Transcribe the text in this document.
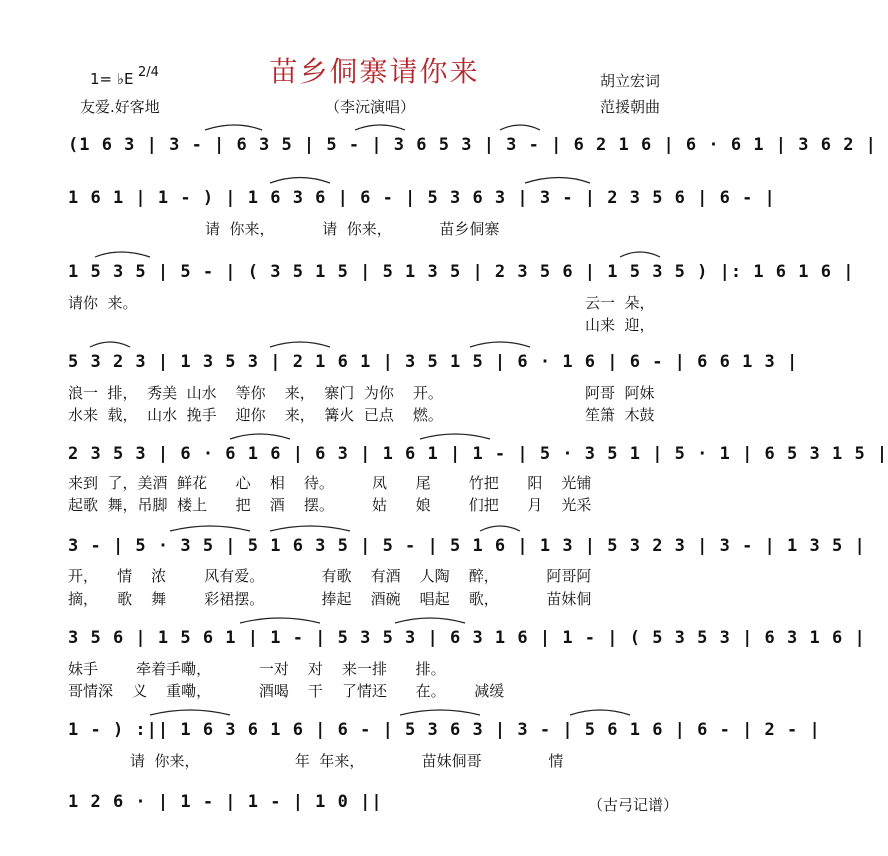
1= ♭E 2/4	苗乡侗寨请你来	胡立宏词
友爱.好客地	（李沅演唱）	范援朝曲
(1 6 3 | 3 - | 6 3 5 | 5 - | 3 6 5 3 | 3 - | 6 2 1 6 | 6 · 6 1 | 3 6 2 |
1 6 1 | 1 - ) | 1 6 3 6 | 6 - | 5 3 6 3 | 3 - | 2 3 5 6 | 6 - |
请  你来，          请  你来，          苗乡侗寨
1 5 3 5 | 5 - | ( 3 5 1 5 | 5 1 3 5 | 2 3 5 6 | 1 5 3 5 ) |: 1 6 1 6 |
请你  来。	云一  朵，
山来  迎，
5 3 2 3 | 1 3 5 3 | 2 1 6 1 | 3 5 1 5 | 6 · 1 6 | 6 - | 6 6 1 3 |
浪一  排，  秀美  山水    等你    来，  寨门  为你    开。	阿哥  阿妹
水来  载，  山水  挽手    迎你    来，  篝火  已点    燃。	笙箫  木鼓
2 3 5 3 | 6 · 6 1 6 | 6 3 | 1 6 1 | 1 - | 5 · 3 5 1 | 5 · 1 | 6 5 3 1 5 |
来到  了，美酒  鲜花      心    相    待。        凤      尾        竹把      阳    光铺
起歌  舞，吊脚  楼上      把    酒    摆。        姑      娘        们把      月    光采
3 - | 5 · 3 5 | 5 1 6 3 5 | 5 - | 5 1 6 | 1 3 | 5 3 2 3 | 3 - | 1 3 5 |
开，    情    浓        风有爱。            有歌    有酒    人陶    醉，          阿哥阿
摘，    歌    舞        彩裙摆。            捧起    酒碗    唱起    歌，          苗妹侗
3 5 6 | 1 5 6 1 | 1 - | 5 3 5 3 | 6 3 1 6 | 1 - | ( 5 3 5 3 | 6 3 1 6 |
妹手        牵着手嘞，          一对    对    来一排      排。
哥情深    义    重嘞，          酒喝    干    了情还      在。      减缓
1 - ) :|| 1 6 3 6 1 6 | 6 - | 5 3 6 3 | 3 - | 5 6 1 6 | 6 - | 2 - |
请  你来，                    年  年来，            苗妹侗哥              情
1 2 6 · | 1 - | 1 - | 1 0 ||	（古弓记谱）
